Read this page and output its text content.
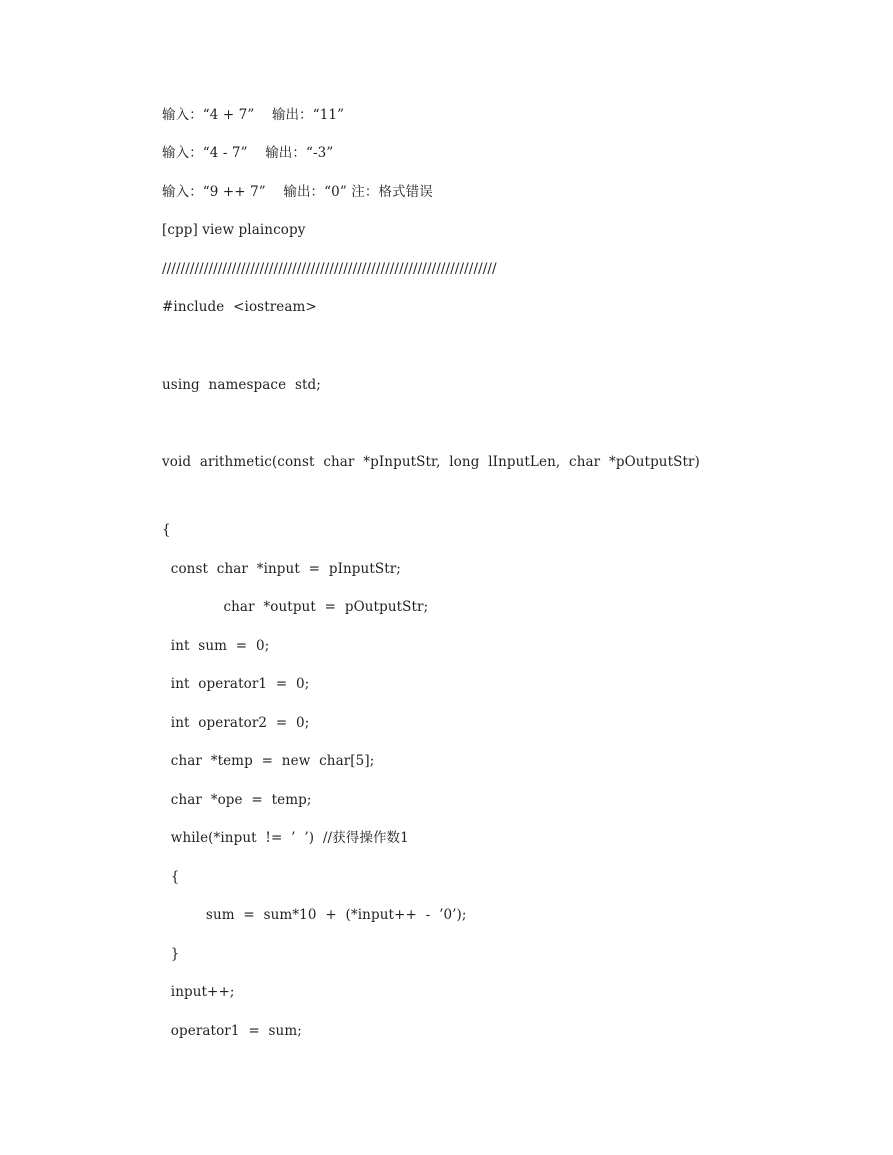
输入：“4 + 7”    输出：“11”

输入：“4 - 7”    输出：“-3”

输入：“9 ++ 7”    输出：“0” 注：格式错误

[cpp] view plaincopy

////////////////////////////////////////////////////////////////////////

#include  <iostream>

using  namespace  std;

void  arithmetic(const  char  *pInputStr,  long  lInputLen,  char  *pOutputStr)

{

const  char  *input  =  pInputStr;

char  *output  =  pOutputStr;

int  sum  =  0;

int  operator1  =  0;

int  operator2  =  0;

char  *temp  =  new  char[5];

char  *ope  =  temp;

while(*input  !=  ’  ’)  //获得操作数1

{

sum  =  sum*10  +  (*input++  -  ’0’);

}

input++;

operator1  =  sum;
